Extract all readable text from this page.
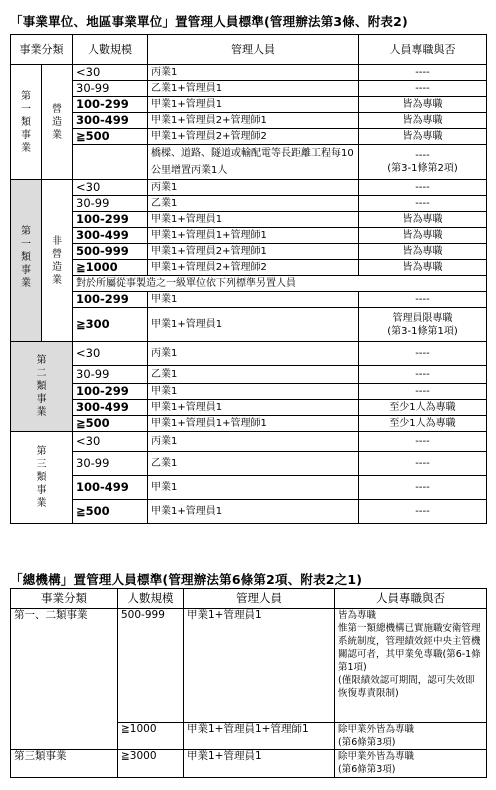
「事業單位、地區事業單位」置管理人員標準(管理辦法第3條、附表2)
事業分類		人數規模	管理人員	人員專職與否

第
一
類
事
業	營
造
業	<30	丙業1	----
		30-99	乙業1+管理員1	----
		100-299	甲業1+管理員1	皆為專職
		300-499	甲業1+管理員2+管理師1	皆為專職
		≧500	甲業1+管理員2+管理師2	皆為專職
			橋樑、道路、隧道或輸配電等長距離工程每10公里增置丙業1人	----
(第3-1條第2項)

第
一
類
事
業	非
營
造
業	<30	丙業1	----
		30-99	乙業1	----
		100-299	甲業1+管理員1	皆為專職
		300-499	甲業1+管理員1+管理師1	皆為專職
		500-999	甲業1+管理員2+管理師1	皆為專職
		≧1000	甲業1+管理員2+管理師2	皆為專職
		對於所屬從事製造之一級單位依下列標準另置人員		
		100-299	甲業1	----
		≧300	甲業1+管理員1	管理員限專職
(第3-1條第1項)

第
二
類
事
業		<30	丙業1	----
		30-99	乙業1	----
		100-299	甲業1	----
		300-499	甲業1+管理員1	至少1人為專職
		≧500	甲業1+管理員1+管理師1	至少1人為專職

第
三
類
事
業		<30	丙業1	----
		30-99	乙業1	----
		100-499	甲業1	----
		≧500	甲業1+管理員1	----
「總機構」置管理人員標準(管理辦法第6條第2項、附表2之1)
事業分類	人數規模	管理人員	人員專職與否
第一、二類事業	500-999	甲業1+管理員1	皆為專職
惟第一類總機構已實施職安衛管理系統制度，管理績效經中央主管機關認可者，其甲業免專職(第6-1條第1項)
(僅限績效認可期間，認可失效即恢復專責限制)
	≧1000	甲業1+管理員1+管理師1	除甲業外皆為專職
(第6條第3項)
第三類事業	≧3000	甲業1+管理員1	除甲業外皆為專職
(第6條第3項)
